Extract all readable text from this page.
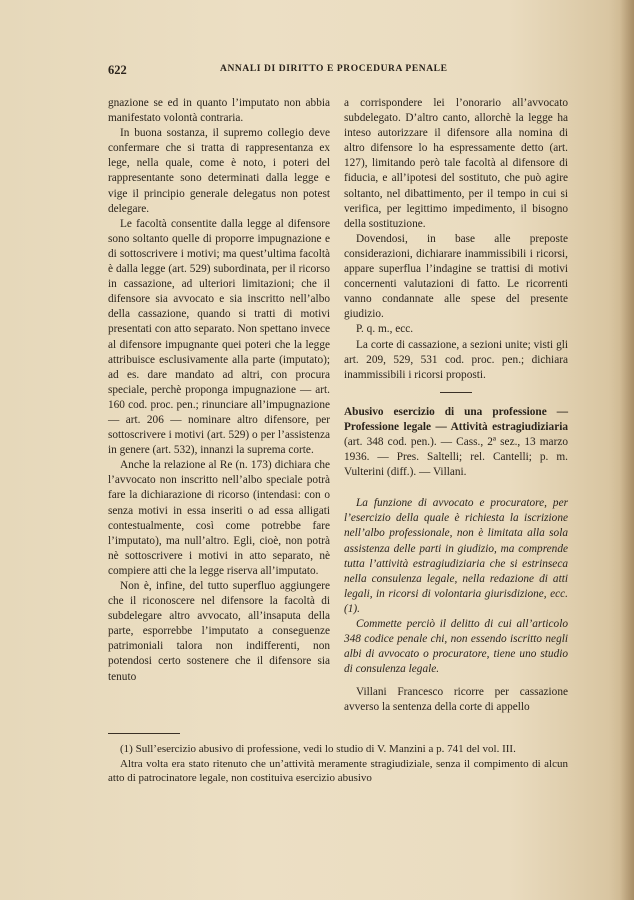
622	ANNALI DI DIRITTO E PROCEDURA PENALE

gnazione se ed in quanto l’imputato non abbia manifestato volontà contraria.

In buona sostanza, il supremo collegio deve confermare che si tratta di rappresentanza ex lege, nella quale, come è noto, i poteri del rappresentante sono determinati dalla legge e vige il principio generale delegatus non potest delegare.

Le facoltà consentite dalla legge al difensore sono soltanto quelle di proporre impugnazione e di sottoscrivere i motivi; ma quest’ultima facoltà è dalla legge (art. 529) subordinata, per il ricorso in cassazione, ad ulteriori limitazioni; che il difensore sia avvocato e sia inscritto nell’albo della cassazione, quando si tratti di motivi presentati con atto separato. Non spettano invece al difensore impugnante quei poteri che la legge attribuisce esclusivamente alla parte (imputato); ad es. dare mandato ad altri, con procura speciale, perchè proponga impugnazione — art. 160 cod. proc. pen.; rinunciare all’impugnazione — art. 206 — nominare altro difensore, per sottoscrivere i motivi (art. 529) o per l’assistenza in genere (art. 532), innanzi la suprema corte.

Anche la relazione al Re (n. 173) dichiara che l’avvocato non inscritto nell’albo speciale potrà fare la dichiarazione di ricorso (intendasi: con o senza motivi in essa inseriti o ad essa alligati contestualmente, così come potrebbe fare l’imputato), ma null’altro. Egli, cioè, non potrà nè sottoscrivere i motivi in atto separato, nè compiere atti che la legge riserva all’imputato.

Non è, infine, del tutto superfluo aggiungere che il riconoscere nel difensore la facoltà di subdelegare altro avvocato, all’insaputa della parte, esporrebbe l’imputato a conseguenze patrimoniali talora non indifferenti, non potendosi certo sostenere che il difensore sia tenuto

a corrispondere lei l’onorario all’avvocato subdelegato. D’altro canto, allorchè la legge ha inteso autorizzare il difensore alla nomina di altro difensore lo ha espressamente detto (art. 127), limitando però tale facoltà al difensore di fiducia, e all’ipotesi del sostituto, che può agire soltanto, nel dibattimento, per il tempo in cui si verifica, per legittimo impedimento, il bisogno della sostituzione.

Dovendosi, in base alle preposte considerazioni, dichiarare inammissibili i ricorsi, appare superflua l’indagine se trattisi di motivi concernenti valutazioni di fatto. Le ricorrenti vanno condannate alle spese del presente giudizio.

P. q. m., ecc.

La corte di cassazione, a sezioni unite; visti gli art. 209, 529, 531 cod. proc. pen.; dichiara inammissibili i ricorsi proposti.

Abusivo esercizio di una professione — Professione legale — Attività estragiudiziaria (art. 348 cod. pen.). — Cass., 2ª sez., 13 marzo 1936. — Pres. Saltelli; rel. Cantelli; p. m. Vulterini (diff.). — Villani.

La funzione di avvocato e procuratore, per l’esercizio della quale è richiesta la iscrizione nell’albo professionale, non è limitata alla sola assistenza delle parti in giudizio, ma comprende tutta l’attività estragiudiziaria che si estrinseca nella consulenza legale, nella redazione di atti legali, in ricorsi di volontaria giurisdizione, ecc. (1).

Commette perciò il delitto di cui all’articolo 348 codice penale chi, non essendo iscritto negli albi di avvocato o procuratore, tiene uno studio di consulenza legale.

Villani Francesco ricorre per cassazione avverso la sentenza della corte di appello

(1) Sull’esercizio abusivo di professione, vedi lo studio di V. Manzini a p. 741 del vol. III.

Altra volta era stato ritenuto che un’attività meramente stragiudiziale, senza il compimento di alcun atto di patrocinatore legale, non costituiva esercizio abusivo
